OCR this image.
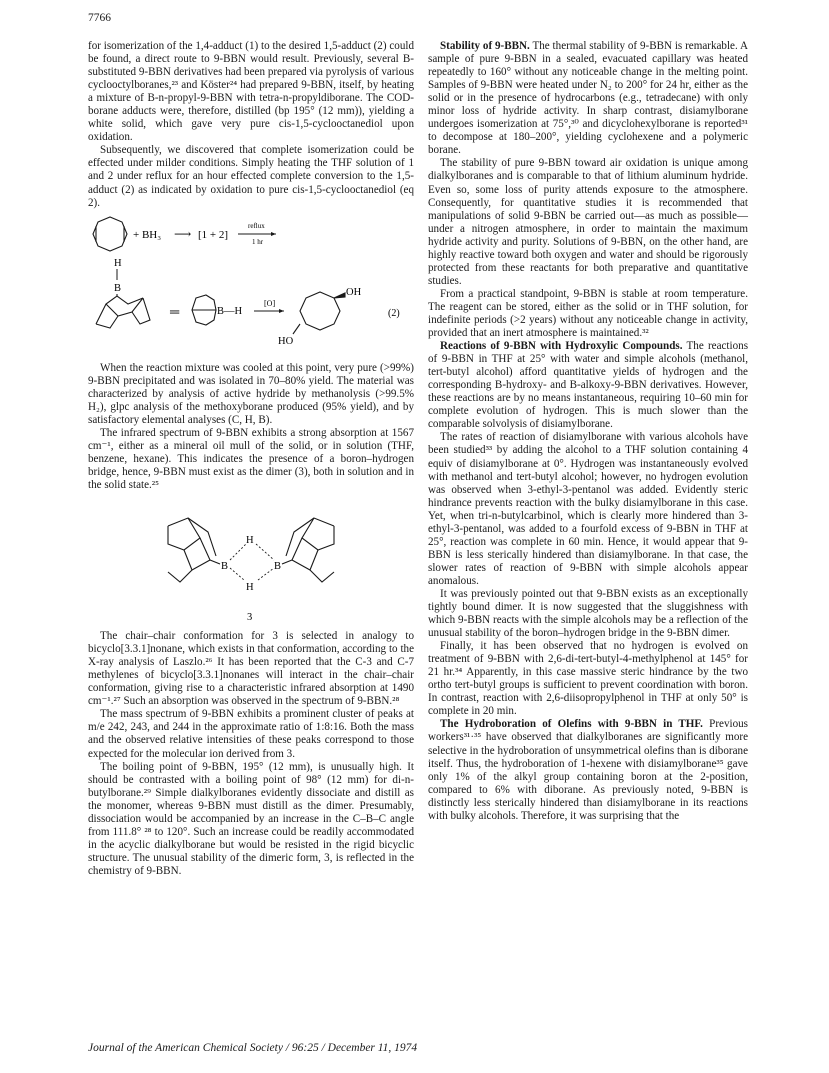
7766

for isomerization of the 1,4-adduct (1) to the desired 1,5-adduct (2) could be found, a direct route to 9-BBN would result. Previously, several B-substituted 9-BBN derivatives had been prepared via pyrolysis of various cyclooctylboranes,²³ and Köster²⁴ had prepared 9-BBN, itself, by heating a mixture of B-n-propyl-9-BBN with tetra-n-propyldiborane. The COD-borane adducts were, therefore, distilled (bp 195° (12 mm)), yielding a white solid, which gave very pure cis-1,5-cyclooctanediol upon oxidation.

Subsequently, we discovered that complete isomerization could be effected under milder conditions. Simply heating the THF solution of 1 and 2 under reflux for an hour effected complete conversion to the 1,5-adduct (2) as indicated by oxidation to pure cis-1,5-cyclooctanediol (eq 2).

+ BH₃ ⟶ [1 + 2]
reflux
1 hr
H
B
═	B—H
[O]
OH
HO
(2)

When the reaction mixture was cooled at this point, very pure (>99%) 9-BBN precipitated and was isolated in 70–80% yield. The material was characterized by analysis of active hydride by methanolysis (>99.5% H₂), glpc analysis of the methoxyborane produced (95% yield), and by satisfactory elemental analyses (C, H, B).

The infrared spectrum of 9-BBN exhibits a strong absorption at 1567 cm⁻¹, either as a mineral oil mull of the solid, or in solution (THF, benzene, hexane). This indicates the presence of a boron–hydrogen bridge, hence, 9-BBN must exist as the dimer (3), both in solution and in the solid state.²⁵

H
H
B	B
3

The chair–chair conformation for 3 is selected in analogy to bicyclo[3.3.1]nonane, which exists in that conformation, according to the X-ray analysis of Laszlo.²⁶ It has been reported that the C-3 and C-7 methylenes of bicyclo[3.3.1]nonanes will interact in the chair–chair conformation, giving rise to a characteristic infrared absorption at 1490 cm⁻¹.²⁷ Such an absorption was observed in the spectrum of 9-BBN.²⁸

The mass spectrum of 9-BBN exhibits a prominent cluster of peaks at m/e 242, 243, and 244 in the approximate ratio of 1:8:16. Both the mass and the observed relative intensities of these peaks correspond to those expected for the molecular ion derived from 3.

The boiling point of 9-BBN, 195° (12 mm), is unusually high. It should be contrasted with a boiling point of 98° (12 mm) for di-n-butylborane.²⁹ Simple dialkylboranes evidently dissociate and distill as the monomer, whereas 9-BBN must distill as the dimer. Presumably, dissociation would be accompanied by an increase in the C–B–C angle from 111.8° ²⁸ to 120°. Such an increase could be readily accommodated in the acyclic dialkylborane but would be resisted in the rigid bicyclic structure. The unusual stability of the dimeric form, 3, is reflected in the chemistry of 9-BBN.

Stability of 9-BBN. The thermal stability of 9-BBN is remarkable. A sample of pure 9-BBN in a sealed, evacuated capillary was heated repeatedly to 160° without any noticeable change in the melting point. Samples of 9-BBN were heated under N₂ to 200° for 24 hr, either as the solid or in the presence of hydrocarbons (e.g., tetradecane) with only minor loss of hydride activity. In sharp contrast, disiamylborane undergoes isomerization at 75°,³⁰ and dicyclohexylborane is reported³¹ to decompose at 180–200°, yielding cyclohexene and a polymeric borane.

The stability of pure 9-BBN toward air oxidation is unique among dialkylboranes and is comparable to that of lithium aluminum hydride. Even so, some loss of purity attends exposure to the atmosphere. Consequently, for quantitative studies it is recommended that manipulations of solid 9-BBN be carried out—as much as possible—under a nitrogen atmosphere, in order to maintain the maximum hydride activity and purity. Solutions of 9-BBN, on the other hand, are highly reactive toward both oxygen and water and should be rigorously protected from these reactants for both preparative and quantitative studies.

From a practical standpoint, 9-BBN is stable at room temperature. The reagent can be stored, either as the solid or in THF solution, for indefinite periods (>2 years) without any noticeable change in activity, provided that an inert atmosphere is maintained.³²

Reactions of 9-BBN with Hydroxylic Compounds. The reactions of 9-BBN in THF at 25° with water and simple alcohols (methanol, tert-butyl alcohol) afford quantitative yields of hydrogen and the corresponding B-hydroxy- and B-alkoxy-9-BBN derivatives. However, these reactions are by no means instantaneous, requiring 10–60 min for complete evolution of hydrogen. This is much slower than the comparable solvolysis of disiamylborane.

The rates of reaction of disiamylborane with various alcohols have been studied³³ by adding the alcohol to a THF solution containing 4 equiv of disiamylborane at 0°. Hydrogen was instantaneously evolved with methanol and tert-butyl alcohol; however, no hydrogen evolution was observed when 3-ethyl-3-pentanol was added. Evidently steric hindrance prevents reaction with the bulky disiamylborane in this case. Yet, when tri-n-butylcarbinol, which is clearly more hindered than 3-ethyl-3-pentanol, was added to a fourfold excess of 9-BBN in THF at 25°, reaction was complete in 60 min. Hence, it would appear that 9-BBN is less sterically hindered than disiamylborane. In that case, the slower rates of reaction of 9-BBN with simple alcohols appear anomalous.

It was previously pointed out that 9-BBN exists as an exceptionally tightly bound dimer. It is now suggested that the sluggishness with which 9-BBN reacts with the simple alcohols may be a reflection of the unusual stability of the boron–hydrogen bridge in the 9-BBN dimer.

Finally, it has been observed that no hydrogen is evolved on treatment of 9-BBN with 2,6-di-tert-butyl-4-methylphenol at 145° for 21 hr.³⁴ Apparently, in this case massive steric hindrance by the two ortho tert-butyl groups is sufficient to prevent coordination with boron. In contrast, reaction with 2,6-diisopropylphenol in THF at only 50° is complete in 20 min.

The Hydroboration of Olefins with 9-BBN in THF. Previous workers³¹·³⁵ have observed that dialkylboranes are significantly more selective in the hydroboration of unsymmetrical olefins than is diborane itself. Thus, the hydroboration of 1-hexene with disiamylborane³⁵ gave only 1% of the alkyl group containing boron at the 2-position, compared to 6% with diborane. As previously noted, 9-BBN is distinctly less sterically hindered than disiamylborane in its reactions with bulky alcohols. Therefore, it was surprising that the

Journal of the American Chemical Society / 96:25 / December 11, 1974
